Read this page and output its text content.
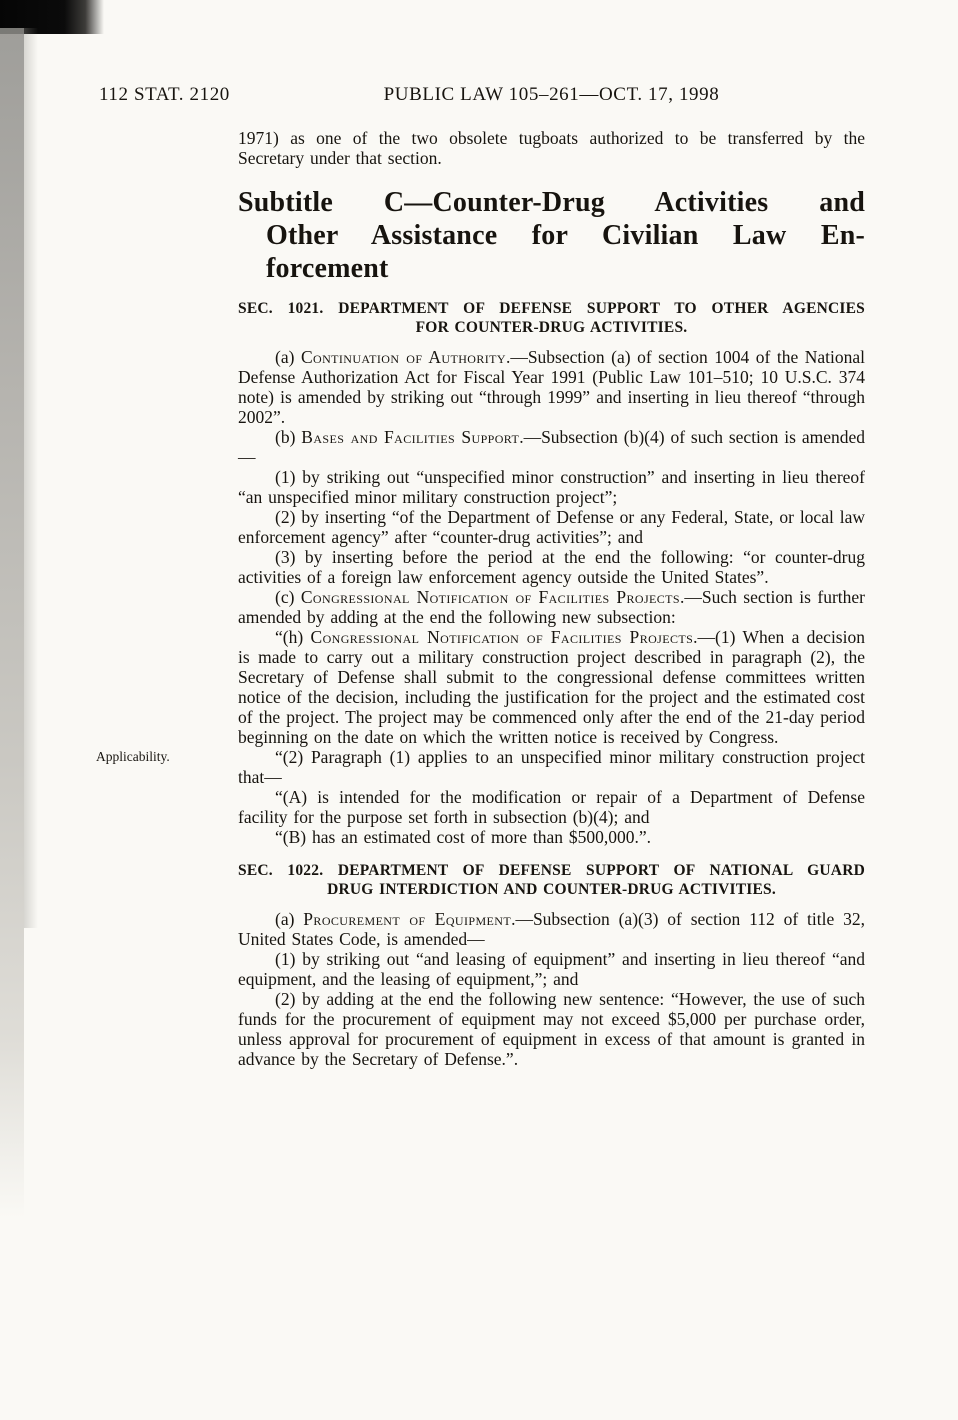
112 STAT. 2120	PUBLIC LAW 105–261—OCT. 17, 1998

1971) as one of the two obsolete tugboats authorized to be transferred by the Secretary under that section.

Subtitle C—Counter-Drug Activities and
Other Assistance for Civilian Law En-
forcement
SEC. 1021. DEPARTMENT OF DEFENSE SUPPORT TO OTHER AGENCIES
FOR COUNTER-DRUG ACTIVITIES.

(a) Continuation of Authority.—Subsection (a) of section 1004 of the National Defense Authorization Act for Fiscal Year 1991 (Public Law 101–510; 10 U.S.C. 374 note) is amended by striking out “through 1999” and inserting in lieu thereof “through 2002”.

(b) Bases and Facilities Support.—Subsection (b)(4) of such section is amended—

(1) by striking out “unspecified minor construction” and inserting in lieu thereof “an unspecified minor military construction project”;

(2) by inserting “of the Department of Defense or any Federal, State, or local law enforcement agency” after “counter-drug activities”; and

(3) by inserting before the period at the end the following: “or counter-drug activities of a foreign law enforcement agency outside the United States”.

(c) Congressional Notification of Facilities Projects.—Such section is further amended by adding at the end the following new subsection:

“(h) Congressional Notification of Facilities Projects.—(1) When a decision is made to carry out a military construction project described in paragraph (2), the Secretary of Defense shall submit to the congressional defense committees written notice of the decision, including the justification for the project and the estimated cost of the project. The project may be commenced only after the end of the 21-day period beginning on the date on which the written notice is received by Congress.

Applicability.	“(2) Paragraph (1) applies to an unspecified minor military construction project that—

“(A) is intended for the modification or repair of a Department of Defense facility for the purpose set forth in subsection (b)(4); and

“(B) has an estimated cost of more than $500,000.”.

SEC. 1022. DEPARTMENT OF DEFENSE SUPPORT OF NATIONAL GUARD
DRUG INTERDICTION AND COUNTER-DRUG ACTIVITIES.

(a) Procurement of Equipment.—Subsection (a)(3) of section 112 of title 32, United States Code, is amended—

(1) by striking out “and leasing of equipment” and inserting in lieu thereof “and equipment, and the leasing of equipment,”; and

(2) by adding at the end the following new sentence: “However, the use of such funds for the procurement of equipment may not exceed $5,000 per purchase order, unless approval for procurement of equipment in excess of that amount is granted in advance by the Secretary of Defense.”.
